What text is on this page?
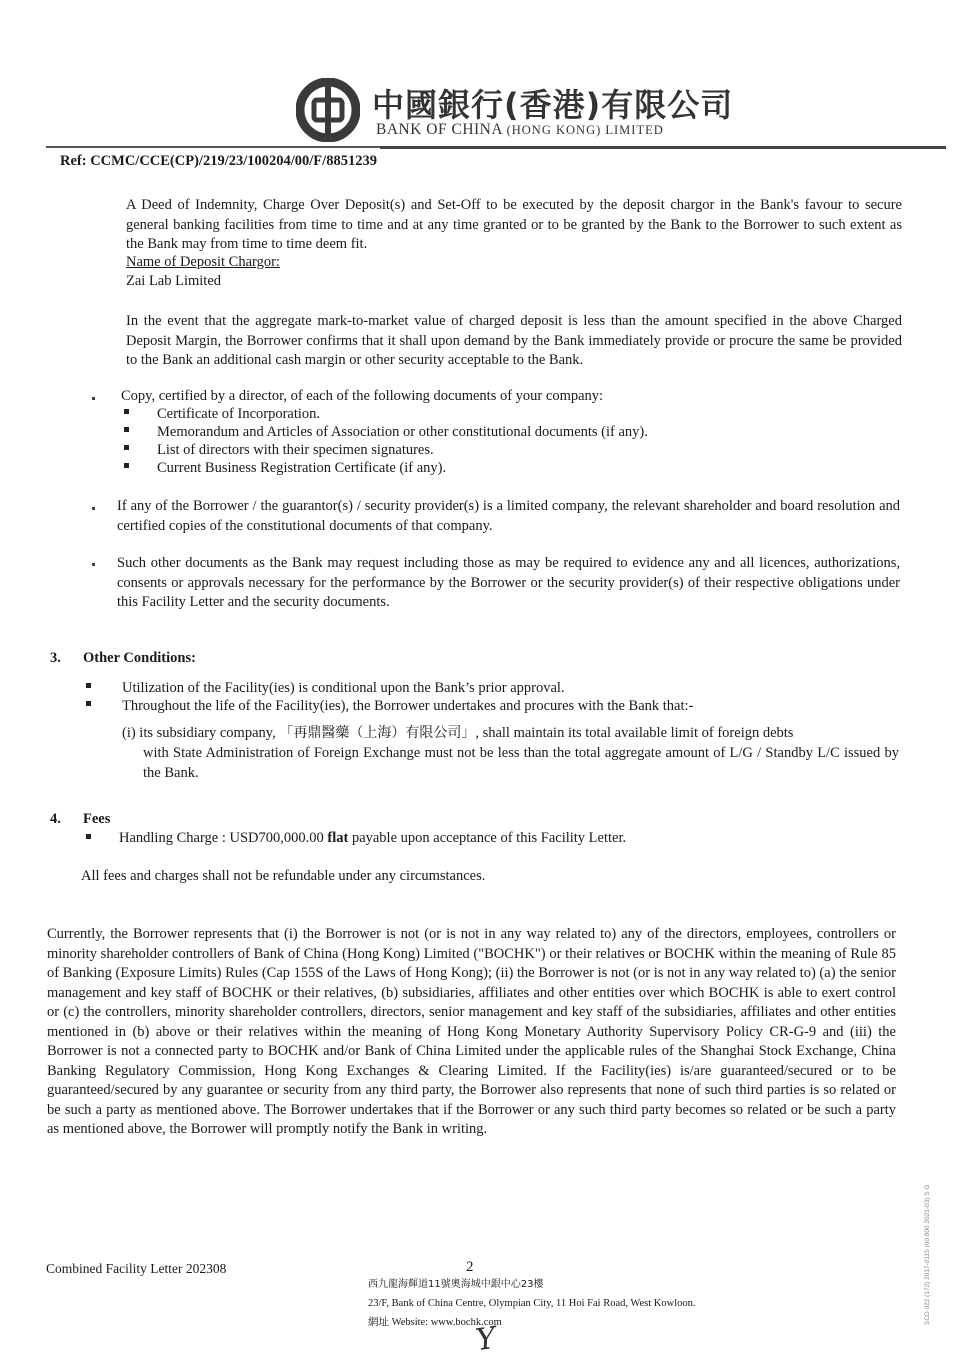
中國銀行(香港)有限公司
BANK OF CHINA (HONG KONG) LIMITED
Ref: CCMC/CCE(CP)/219/23/100204/00/F/8851239

A Deed of Indemnity, Charge Over Deposit(s) and Set-Off to be executed by the deposit chargor in the Bank's favour to secure general banking facilities from time to time and at any time granted or to be granted by the Bank to the Borrower to such extent as the Bank may from time to time deem fit.

Name of Deposit Chargor:
Zai Lab Limited

In the event that the aggregate mark-to-market value of charged deposit is less than the amount specified in the above Charged Deposit Margin, the Borrower confirms that it shall upon demand by the Bank immediately provide or procure the same be provided to the Bank an additional cash margin or other security acceptable to the Bank.

Copy, certified by a director, of each of the following documents of your company:
Certificate of Incorporation.
Memorandum and Articles of Association or other constitutional documents (if any).
List of directors with their specimen signatures.
Current Business Registration Certificate (if any).

If any of the Borrower / the guarantor(s) / security provider(s) is a limited company, the relevant shareholder and board resolution and certified copies of the constitutional documents of that company.

Such other documents as the Bank may request including those as may be required to evidence any and all licences, authorizations, consents or approvals necessary for the performance by the Borrower or the security provider(s) of their respective obligations under this Facility Letter and the security documents.

3. Other Conditions:
Utilization of the Facility(ies) is conditional upon the Bank’s prior approval.
Throughout the life of the Facility(ies), the Borrower undertakes and procures with the Bank that:-
(i) its subsidiary company, 「再鼎醫藥（上海）有限公司」, shall maintain its total available limit of foreign debts

with State Administration of Foreign Exchange must not be less than the total aggregate amount of L/G / Standby L/C issued by the Bank.

4. Fees
Handling Charge : USD700,000.00 flat payable upon acceptance of this Facility Letter.
All fees and charges shall not be refundable under any circumstances.

Currently, the Borrower represents that (i) the Borrower is not (or is not in any way related to) any of the directors, employees, controllers or minority shareholder controllers of Bank of China (Hong Kong) Limited ("BOCHK") or their relatives or BOCHK within the meaning of Rule 85 of Banking (Exposure Limits) Rules (Cap 155S of the Laws of Hong Kong); (ii) the Borrower is not (or is not in any way related to) (a) the senior management and key staff of BOCHK or their relatives, (b) subsidiaries, affiliates and other entities over which BOCHK is able to exert control or (c) the controllers, minority shareholder controllers, directors, senior management and key staff of the subsidiaries, affiliates and other entities mentioned in (b) above or their relatives within the meaning of Hong Kong Monetary Authority Supervisory Policy CR-G-9 and (iii) the Borrower is not a connected party to BOCHK and/or Bank of China Limited under the applicable rules of the Shanghai Stock Exchange, China Banking Regulatory Commission, Hong Kong Exchanges & Clearing Limited. If the Facility(ies) is/are guaranteed/secured or to be guaranteed/secured by any guarantee or security from any third party, the Borrower also represents that none of such third parties is so related or be such a party as mentioned above. The Borrower undertakes that if the Borrower or any such third party becomes so related or be such a party as mentioned above, the Borrower will promptly notify the Bank in writing.

Combined Facility Letter 202308	2
西九龍海輝道11號奧海城中銀中心23樓
23/F, Bank of China Centre, Olympian City, 11 Hoi Fai Road, West Kowloon.
網址 Website: www.bochk.com
Y
SCD 022 (172) 2017-0115 (60.000 2021-03) S G
